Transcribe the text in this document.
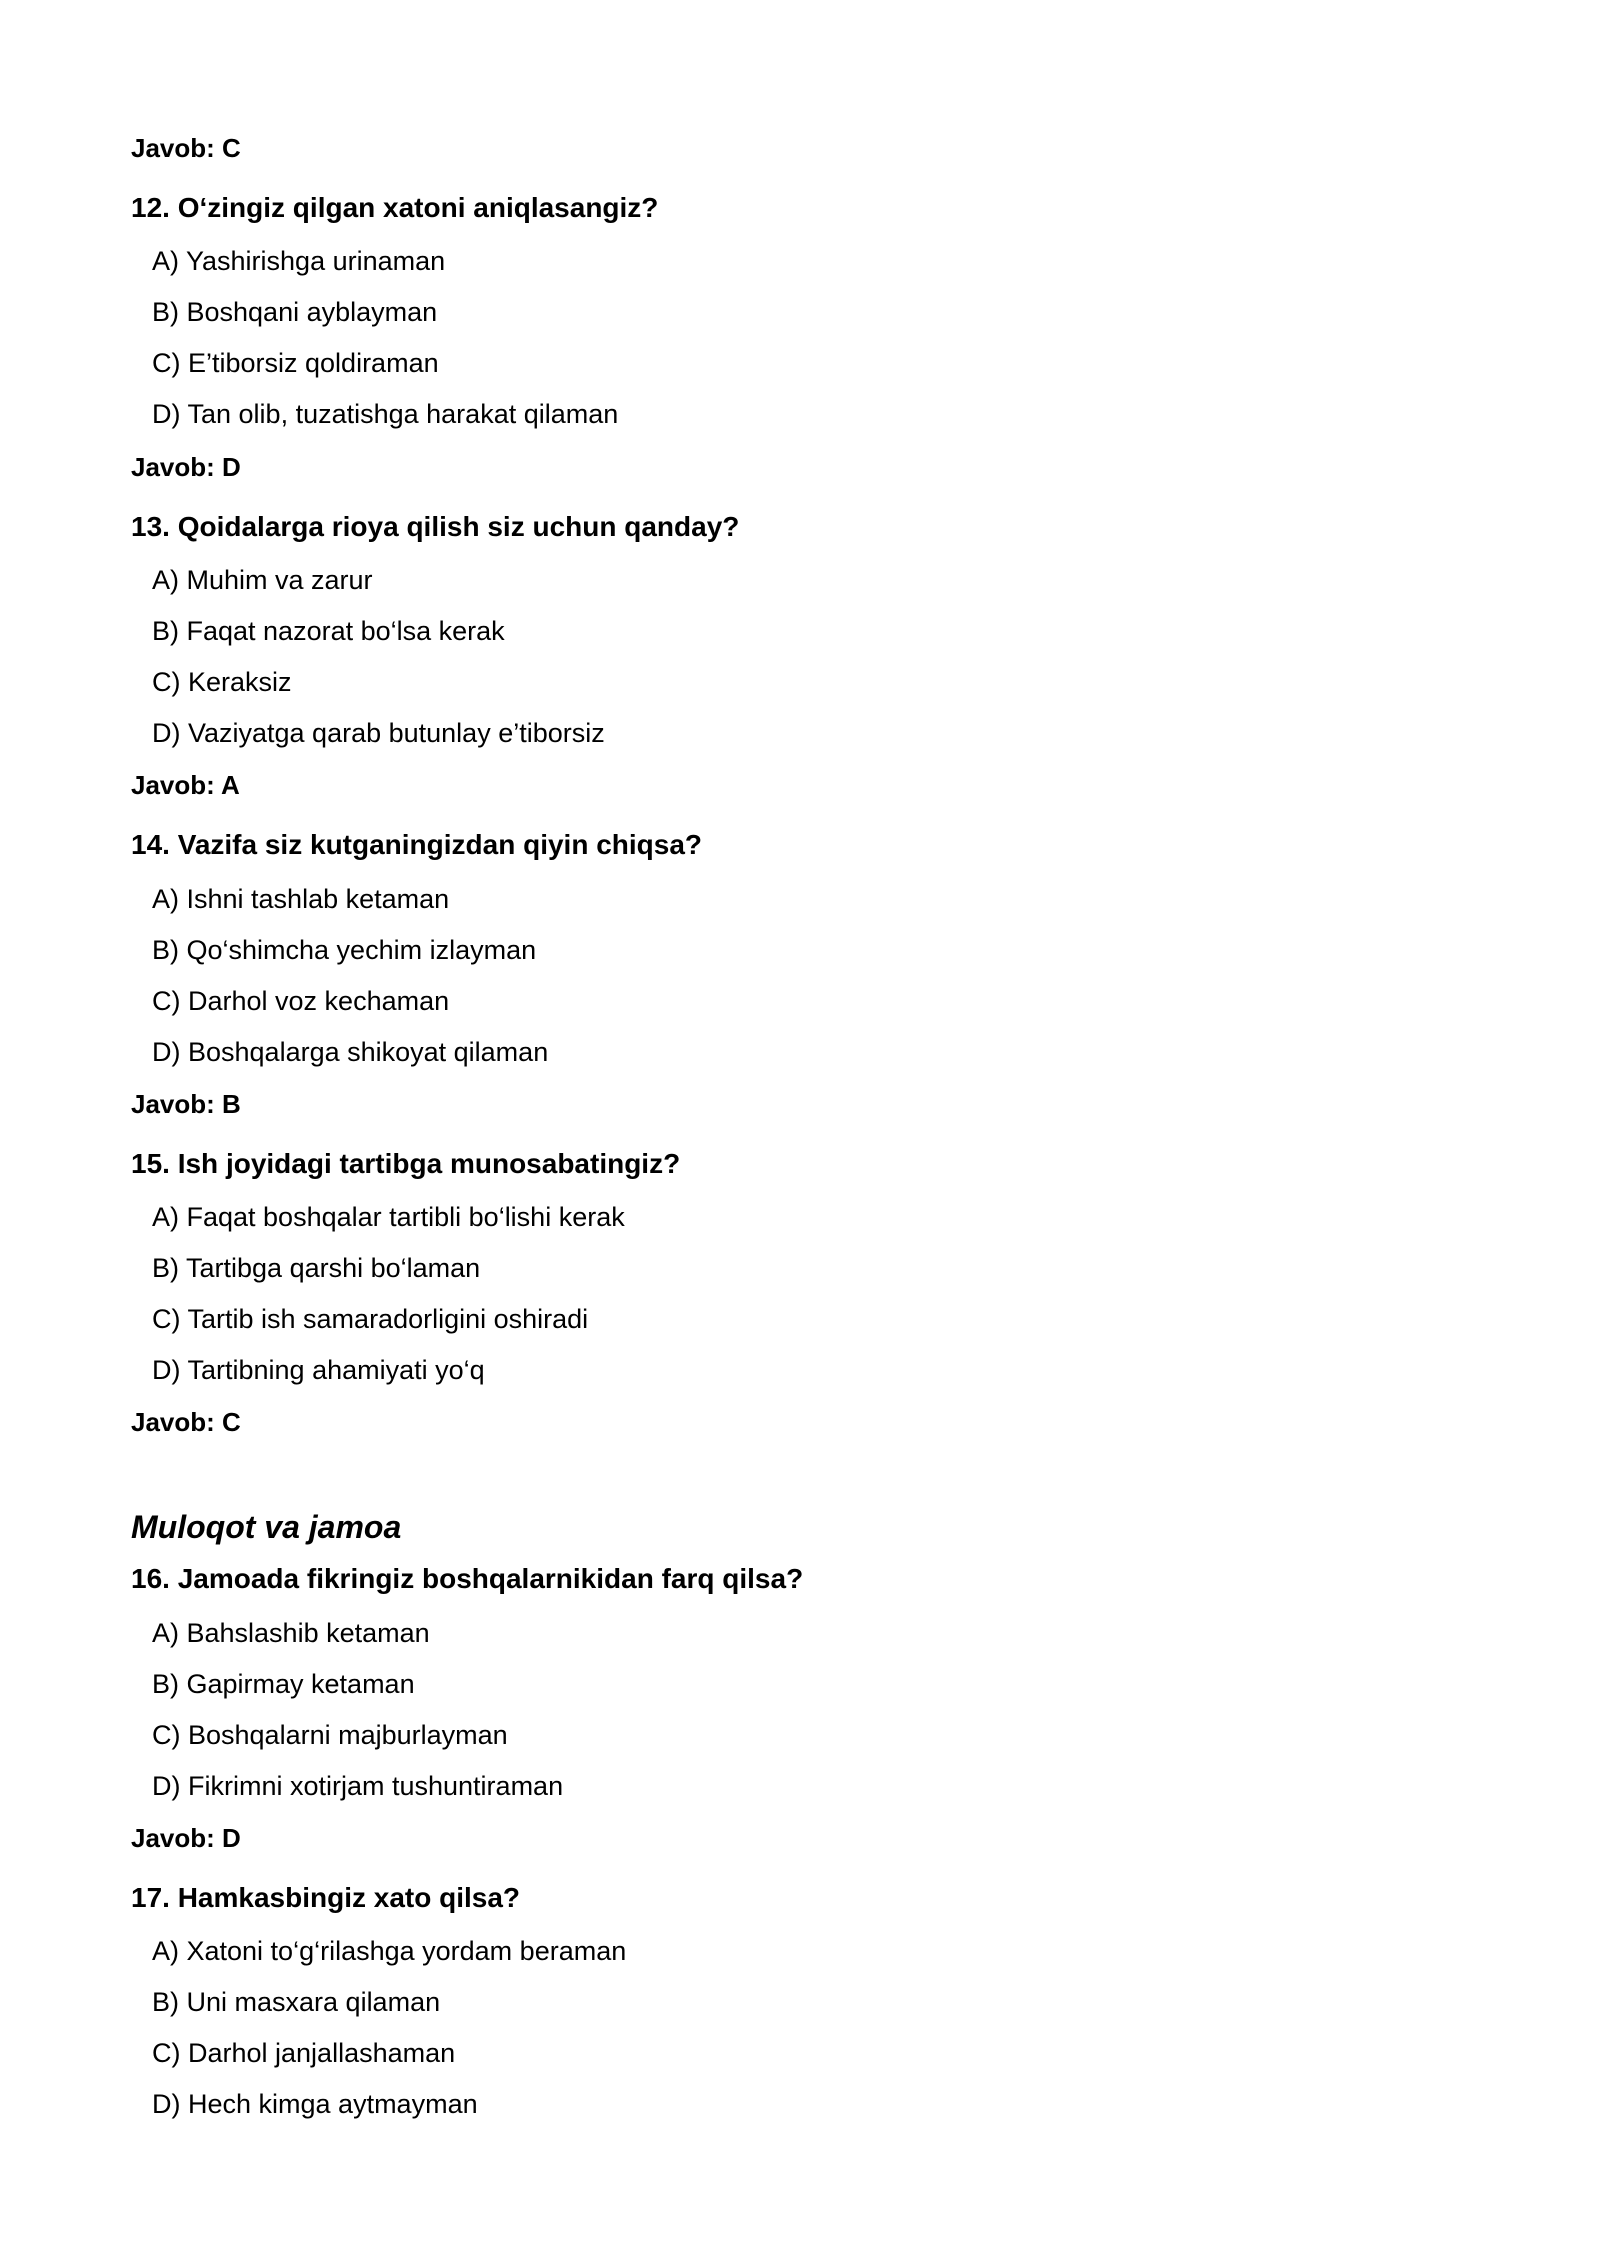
Javob: C

12. O‘zingiz qilgan xatoni aniqlasangiz?

A) Yashirishga urinaman

B) Boshqani ayblayman

C) E’tiborsiz qoldiraman

D) Tan olib, tuzatishga harakat qilaman

Javob: D

13. Qoidalarga rioya qilish siz uchun qanday?

A) Muhim va zarur

B) Faqat nazorat bo‘lsa kerak

C) Keraksiz

D) Vaziyatga qarab butunlay e’tiborsiz

Javob: A

14. Vazifa siz kutganingizdan qiyin chiqsa?

A) Ishni tashlab ketaman

B) Qo‘shimcha yechim izlayman

C) Darhol voz kechaman

D) Boshqalarga shikoyat qilaman

Javob: B

15. Ish joyidagi tartibga munosabatingiz?

A) Faqat boshqalar tartibli bo‘lishi kerak

B) Tartibga qarshi bo‘laman

C) Tartib ish samaradorligini oshiradi

D) Tartibning ahamiyati yo‘q

Javob: C

Muloqot va jamoa

16. Jamoada fikringiz boshqalarnikidan farq qilsa?

A) Bahslashib ketaman

B) Gapirmay ketaman

C) Boshqalarni majburlayman

D) Fikrimni xotirjam tushuntiraman

Javob: D

17. Hamkasbingiz xato qilsa?

A) Xatoni to‘g‘rilashga yordam beraman

B) Uni masxara qilaman

C) Darhol janjallashaman

D) Hech kimga aytmayman
